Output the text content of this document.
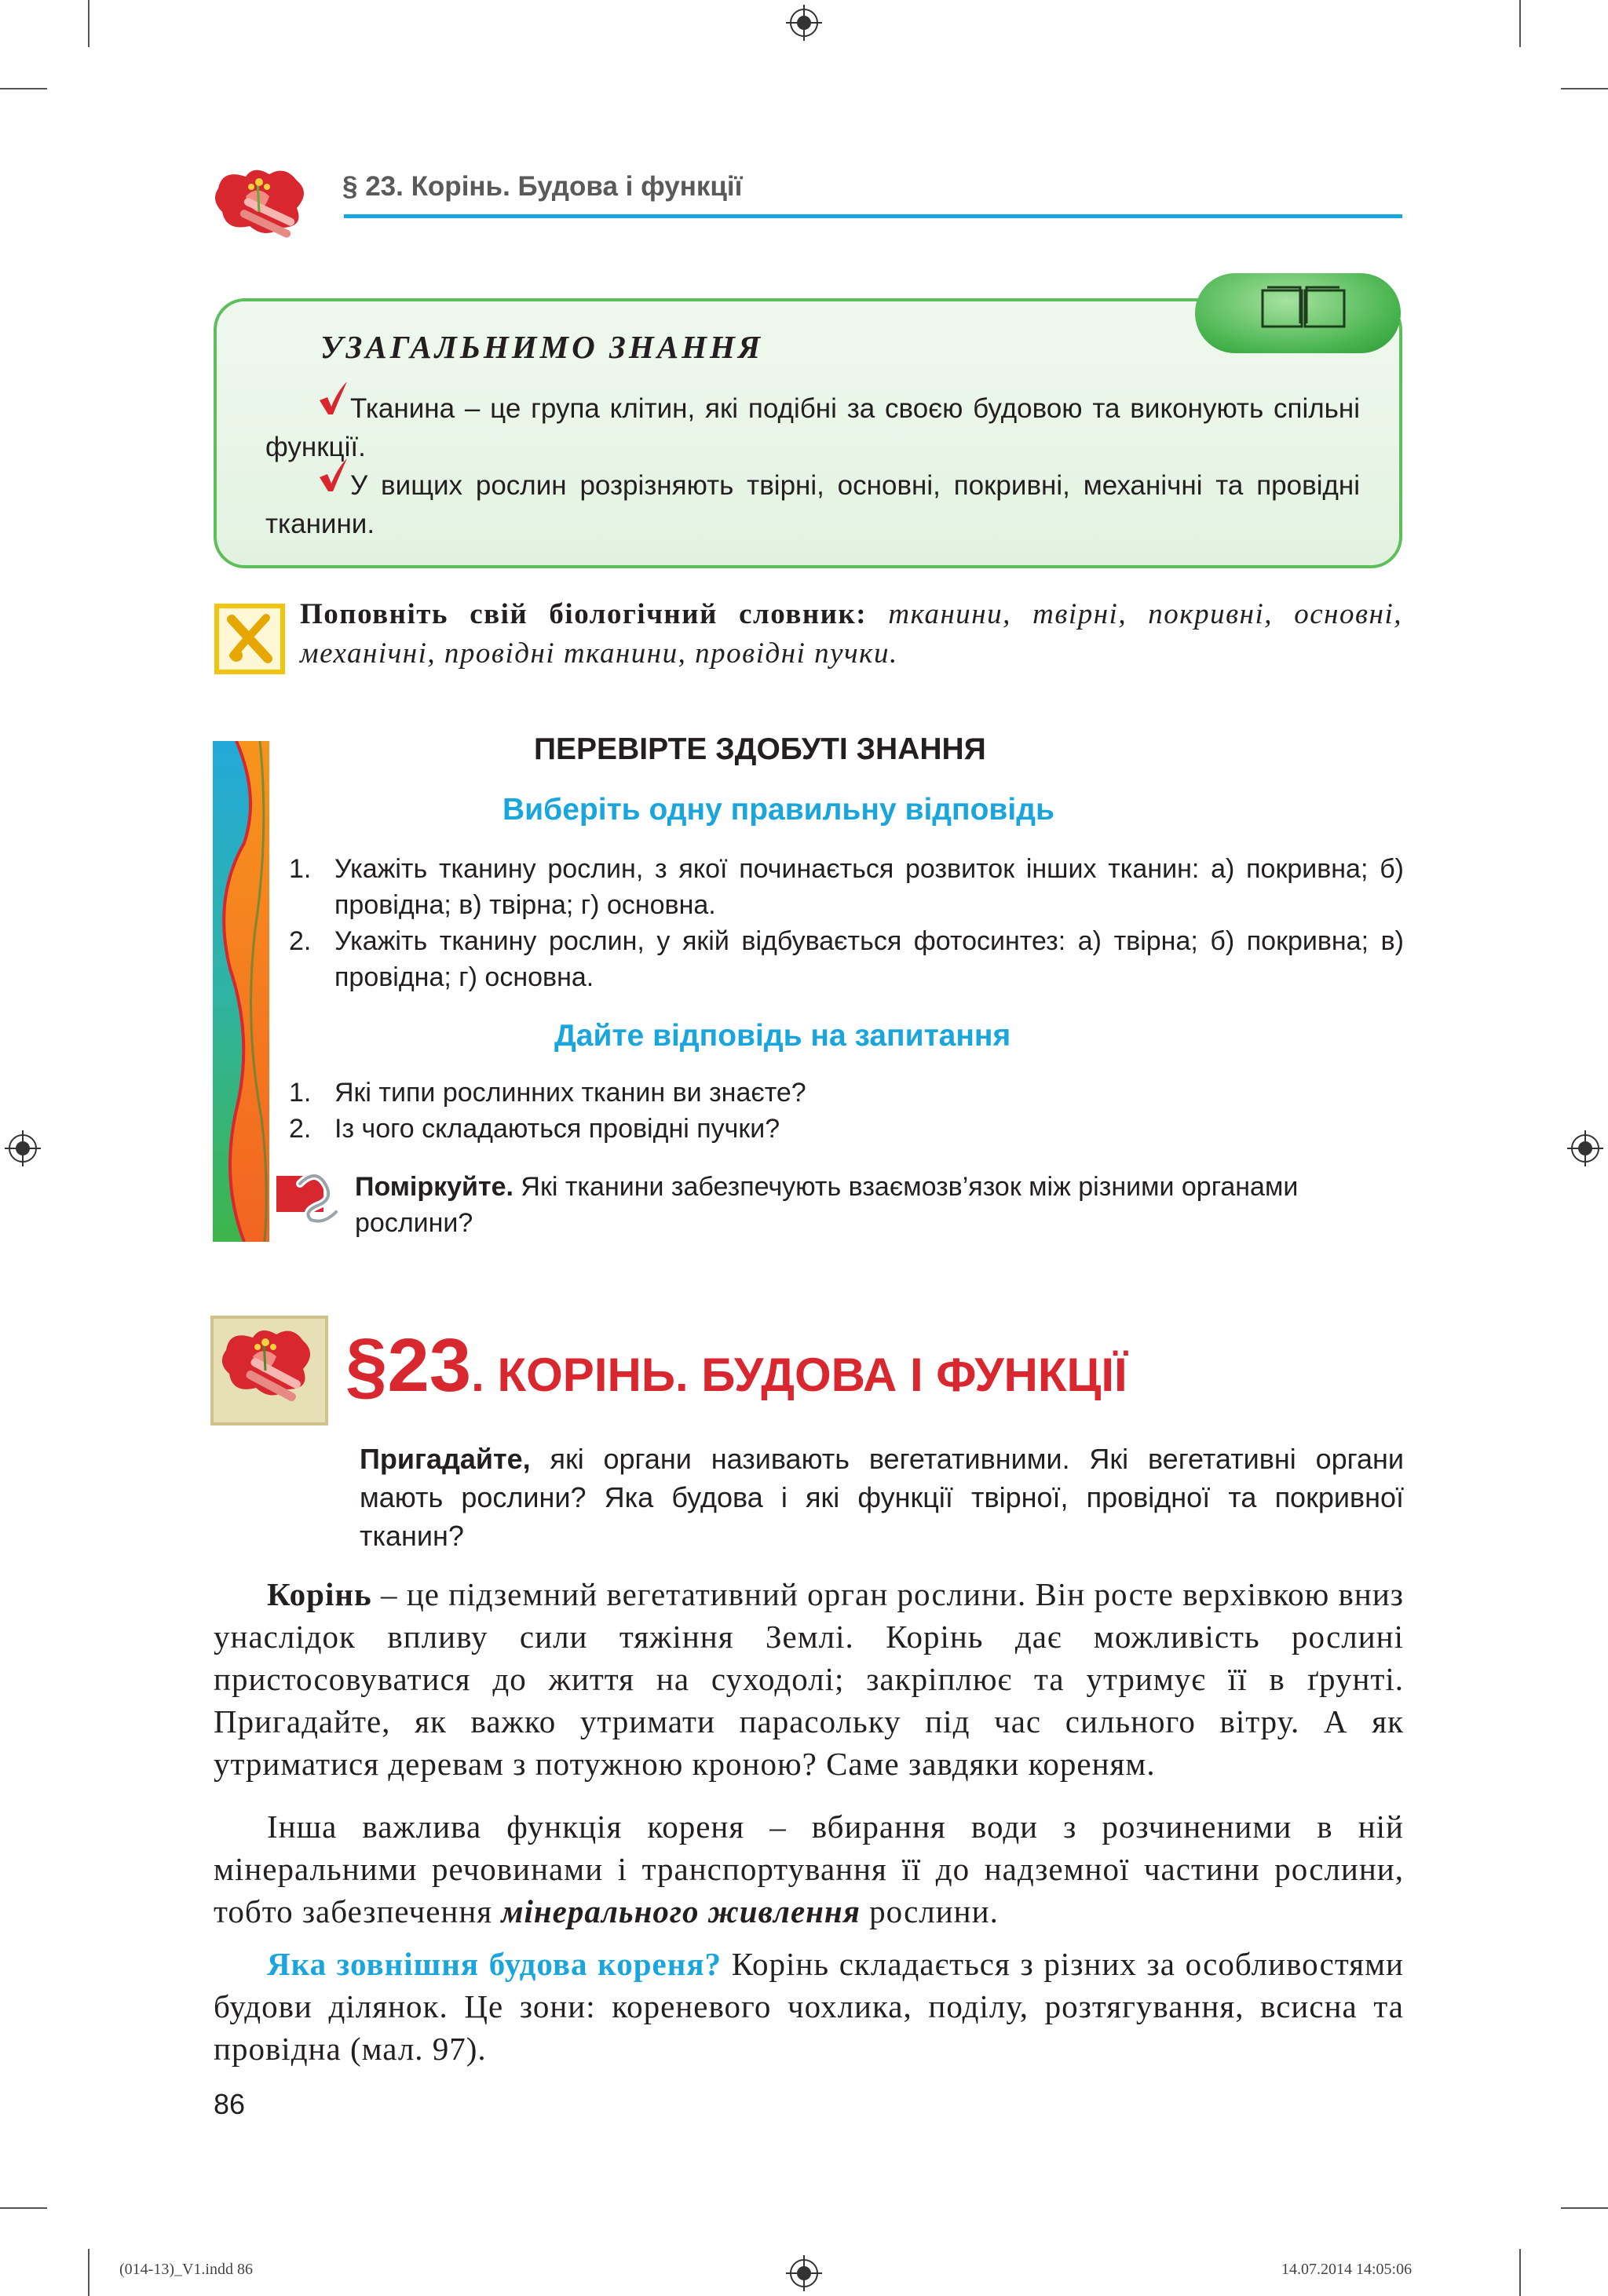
§ 23. Корінь. Будова і функції
УЗАГАЛЬНИМО ЗНАННЯ
Тканина – це група клітин, які подібні за своєю будовою та виконують спільні функції.
У вищих рослин розрізняють твірні, основні, покривні, механічні та провідні тканини.
Поповніть свій біологічний словник: тканини, твірні, покривні, основні, механічні, провідні тканини, провідні пучки.
ПЕРЕВІРТЕ ЗДОБУТІ ЗНАННЯ
Виберіть одну правильну відповідь
1. Укажіть тканину рослин, з якої починається розвиток інших тканин: а) покривна; б) провідна; в) твірна; г) основна.
2. Укажіть тканину рослин, у якій відбувається фотосинтез: а) твірна; б) покривна; в) провідна; г) основна.
Дайте відповідь на запитання
1. Які типи рослинних тканин ви знаєте?
2. Із чого складаються провідні пучки?
Поміркуйте. Які тканини забезпечують взаємозв’язок між різними органами рослини?
§23. КОРІНЬ. БУДОВА І ФУНКЦІЇ
Пригадайте, які органи називають вегетативними. Які вегетативні органи мають рослини? Яка будова і які функції твірної, провідної та покривної тканин?
Корінь – це підземний вегетативний орган рослини. Він росте верхівкою вниз унаслідок впливу сили тяжіння Землі. Корінь дає можливість рослині пристосовуватися до життя на суходолі; закріплює та утримує її в ґрунті. Пригадайте, як важко утримати парасольку під час сильного вітру. А як утриматися деревам з потужною кроною? Саме завдяки кореням.
Інша важлива функція кореня – вбирання води з розчиненими в ній мінеральними речовинами і транспортування її до надземної частини рослини, тобто забезпечення мінерального живлення рослини.
Яка зовнішня будова кореня? Корінь складається з різних за особливостями будови ділянок. Це зони: кореневого чохлика, поділу, розтягування, всисна та провідна (мал. 97).
86
(014-13)_V1.indd 86	14.07.2014 14:05:06
